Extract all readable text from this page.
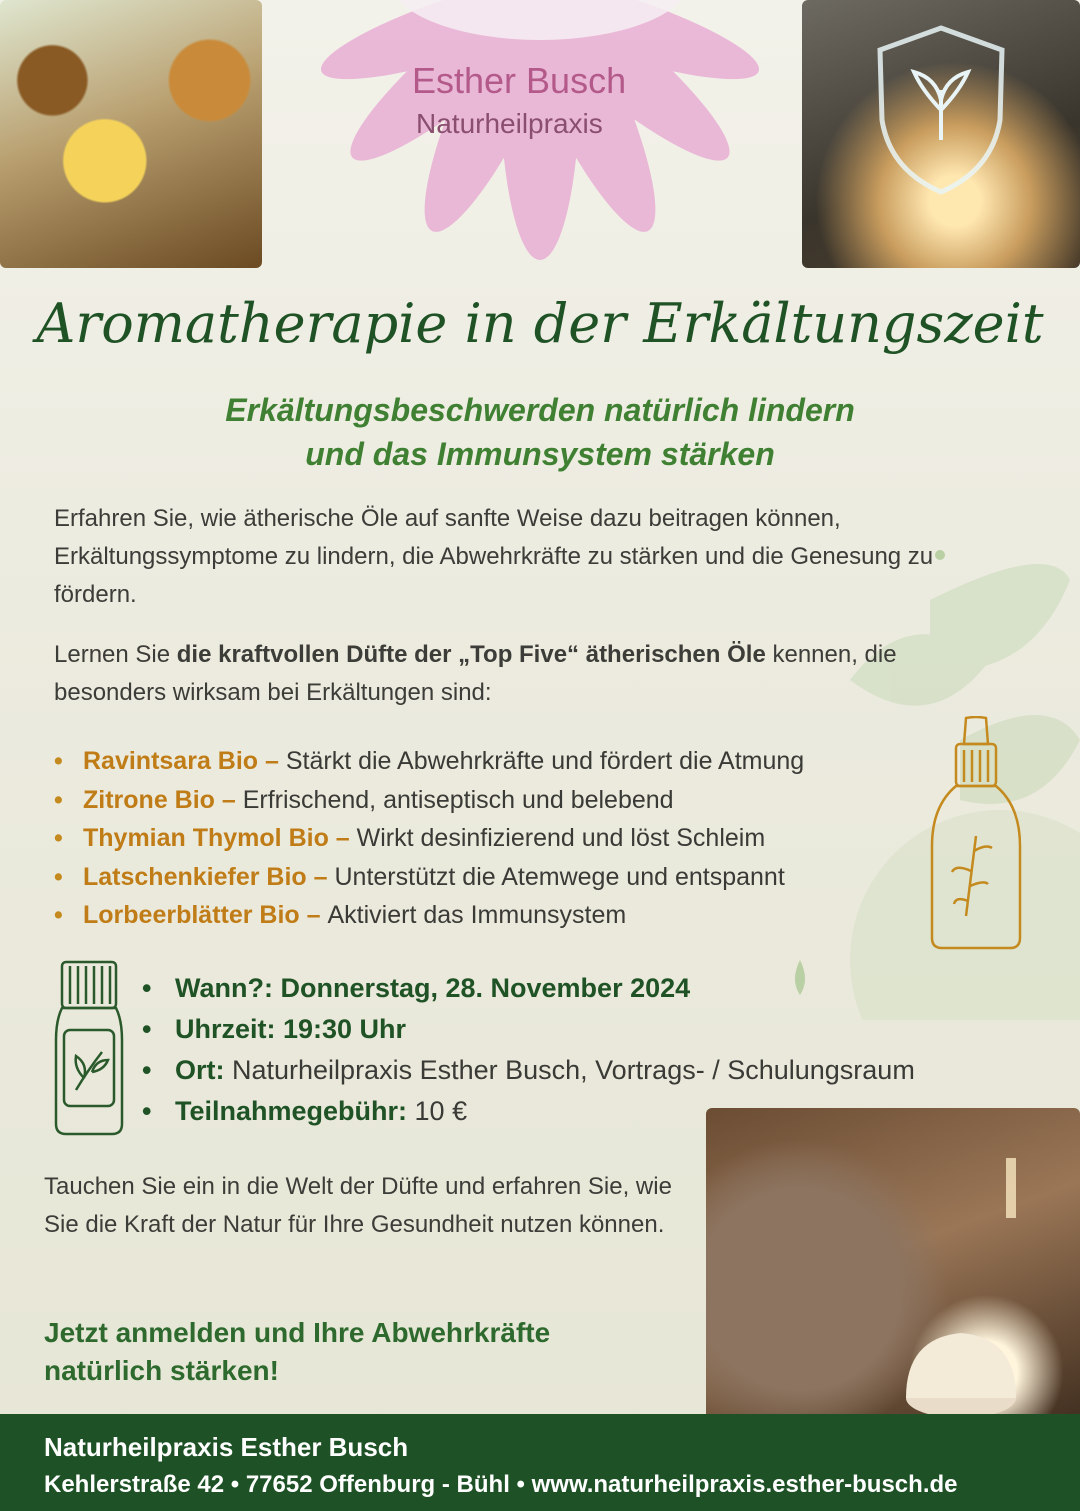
Esther Busch
Naturheilpraxis
Aromatherapie in der Erkältungszeit
Erkältungsbeschwerden natürlich lindern
und das Immunsystem stärken
Erfahren Sie, wie ätherische Öle auf sanfte Weise dazu beitragen können, Erkältungssymptome zu lindern, die Abwehrkräfte zu stärken und die Genesung zu fördern.
Lernen Sie die kraftvollen Düfte der „Top Five“ ätherischen Öle kennen, die besonders wirksam bei Erkältungen sind:
• Ravintsara Bio – Stärkt die Abwehrkräfte und fördert die Atmung
• Zitrone Bio – Erfrischend, antiseptisch und belebend
• Thymian Thymol Bio – Wirkt desinfizierend und löst Schleim
• Latschenkiefer Bio – Unterstützt die Atemwege und entspannt
• Lorbeerblätter Bio – Aktiviert das Immunsystem
• Wann?: Donnerstag, 28. November 2024
• Uhrzeit: 19:30 Uhr
• Ort: Naturheilpraxis Esther Busch, Vortrags- / Schulungsraum
• Teilnahmegebühr: 10 €
Tauchen Sie ein in die Welt der Düfte und erfahren Sie, wie Sie die Kraft der Natur für Ihre Gesundheit nutzen können.
Jetzt anmelden und Ihre Abwehrkräfte natürlich stärken!
Naturheilpraxis Esther Busch
Kehlerstraße 42 • 77652 Offenburg - Bühl • www.naturheilpraxis.esther-busch.de
